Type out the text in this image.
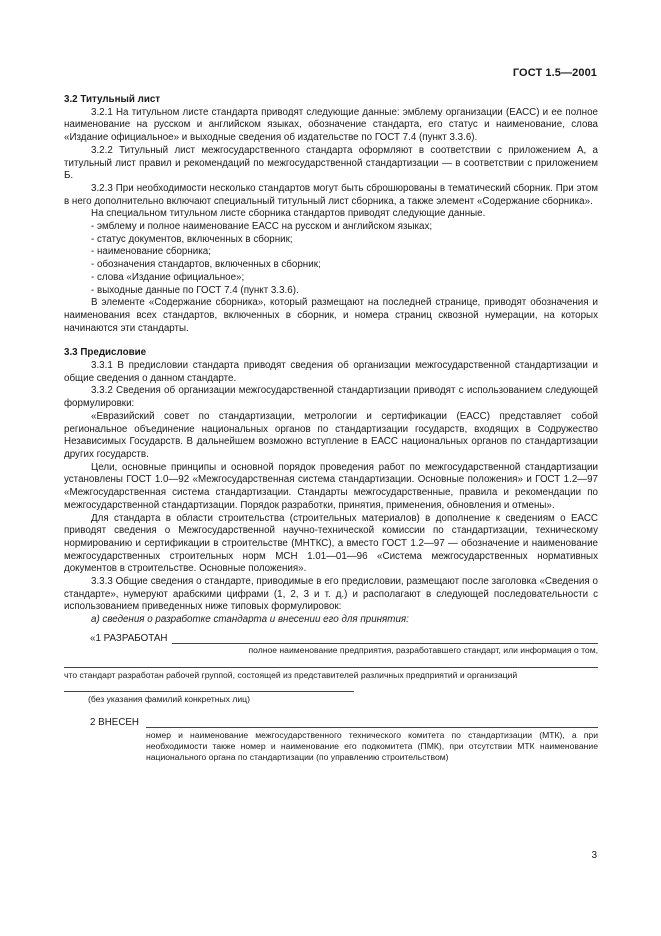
ГОСТ 1.5—2001

3.2 Титульный лист

3.2.1 На титульном листе стандарта приводят следующие данные: эмблему организации (ЕАСС) и ее полное наименование на русском и английском языках, обозначение стандарта, его статус и наименование, слова «Издание официальное» и выходные сведения об издательстве по ГОСТ 7.4 (пункт 3.3.6).

3.2.2 Титульный лист межгосударственного стандарта оформляют в соответствии с приложением А, а титульный лист правил и рекомендаций по межгосударственной стандартизации — в соответствии с приложением Б.

3.2.3 При необходимости несколько стандартов могут быть сброшюрованы в тематический сборник. При этом в него дополнительно включают специальный титульный лист сборника, а также элемент «Содержание сборника».

На специальном титульном листе сборника стандартов приводят следующие данные.

- эмблему и полное наименование ЕАСС на русском и английском языках;

- статус документов, включенных в сборник;

- наименование сборника;

- обозначения стандартов, включенных в сборник;

- слова «Издание официальное»;

- выходные данные по ГОСТ 7.4 (пункт 3.3.6).

В элементе «Содержание сборника», который размещают на последней странице, приводят обозначения и наименования всех стандартов, включенных в сборник, и номера страниц сквозной нумерации, на которых начинаются эти стандарты.

3.3 Предисловие

3.3.1 В предисловии стандарта приводят сведения об организации межгосударственной стандартизации и общие сведения о данном стандарте.

3.3.2 Сведения об организации межгосударственной стандартизации приводят с использованием следующей формулировки:

«Евразийский совет по стандартизации, метрологии и сертификации (ЕАСС) представляет собой региональное объединение национальных органов по стандартизации государств, входящих в Содружество Независимых Государств. В дальнейшем возможно вступление в ЕАСС национальных органов по стандартизации других государств.

Цели, основные принципы и основной порядок проведения работ по межгосударственной стандартизации установлены ГОСТ 1.0—92 «Межгосударственная система стандартизации. Основные положения» и ГОСТ 1.2—97 «Межгосударственная система стандартизации. Стандарты межгосударственные, правила и рекомендации по межгосударственной стандартизации. Порядок разработки, принятия, применения, обновления и отмены».

Для стандарта в области строительства (строительных материалов) в дополнение к сведениям о ЕАСС приводят сведения о Межгосударственной научно-технической комиссии по стандартизации, техническому нормированию и сертификации в строительстве (МНТКС), а вместо ГОСТ 1.2—97 — обозначение и наименование межгосударственных строительных норм МСН 1.01—01—96 «Система межгосударственных нормативных документов в строительстве. Основные положения».

3.3.3 Общие сведения о стандарте, приводимые в его предисловии, размещают после заголовка «Сведения о стандарте», нумеруют арабскими цифрами (1, 2, 3 и т. д.) и располагают в следующей последовательности с использованием приведенных ниже типовых формулировок:

а) сведения о разработке стандарта и внесении его для принятия:

«1 РАЗРАБОТАН
полное наименование предприятия, разработавшего стандарт, или информация о том,
что стандарт разработан рабочей группой, состоящей из представителей различных предприятий и организаций
(без указания фамилий конкретных лиц)
2 ВНЕСЕН
номер и наименование межгосударственного технического комитета по стандартизации (МТК), а при необходимости также номер и наименование его подкомитета (ПМК), при отсутствии МТК наименование национального органа по стандартизации (по управлению строительством)
3
